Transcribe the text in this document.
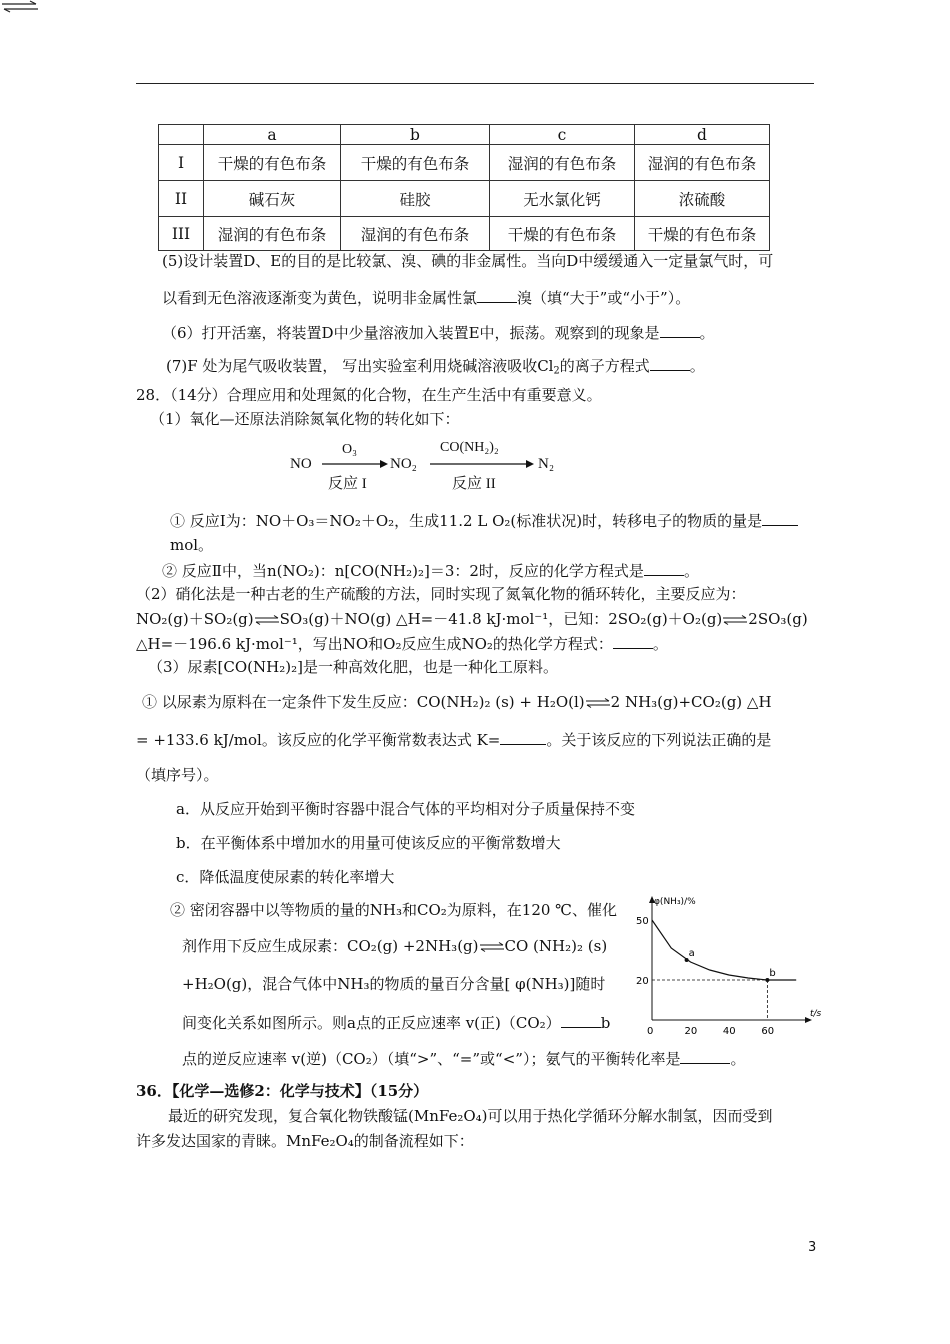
	a	b	c	d
I	干燥的有色布条	干燥的有色布条	湿润的有色布条	湿润的有色布条
II	碱石灰	硅胶	无水氯化钙	浓硫酸
III	湿润的有色布条	湿润的有色布条	干燥的有色布条	干燥的有色布条
(5)设计装置D、E的目的是比较氯、溴、碘的非金属性。当向D中缓缓通入一定量氯气时，可
以看到无色溶液逐渐变为黄色，说明非金属性氯	溴（填“大于”或“小于”）。
（6）打开活塞，将装置D中少量溶液加入装置E中，振荡。观察到的现象是	。
(7)F 处为尾气吸收装置， 写出实验室利用烧碱溶液吸收$Cl_2$的离子方程式	。
28．（14分）合理应用和处理氮的化合物，在生产生活中有重要意义。
（1）氧化—还原法消除氮氧化物的转化如下：
NO
O₃
反应 I
NO₂
CO(NH₂)₂
反应 II
N₂
① 反应Ⅰ为：NO＋O₃＝NO₂＋O₂，生成11.2 L O₂(标准状况)时，转移电子的物质的量是
mol。
② 反应Ⅱ中，当n(NO₂)：n[CO(NH₂)₂]＝3：2时，反应的化学方程式是	。
（2）硝化法是一种古老的生产硫酸的方法，同时实现了氮氧化物的循环转化，主要反应为：
NO₂(g)＋SO₂(g)⇌SO₃(g)＋NO(g) △H=－41.8 kJ·mol⁻¹，已知：2SO₂(g)＋O₂(g)⇌2SO₃(g)
△H=－196.6 kJ·mol⁻¹，写出NO和O₂反应生成NO₂的热化学方程式：	。
（3）尿素[CO(NH₂)₂]是一种高效化肥，也是一种化工原料。
① 以尿素为原料在一定条件下发生反应：CO(NH₂)₂ (s) + H₂O(l)⇌2 NH₃(g)+CO₂(g) △H
= +133.6 kJ/mol。该反应的化学平衡常数表达式 K=	。关于该反应的下列说法正确的是
（填序号）。
a．从反应开始到平衡时容器中混合气体的平均相对分子质量保持不变
b．在平衡体系中增加水的用量可使该反应的平衡常数增大
c．降低温度使尿素的转化率增大
② 密闭容器中以等物质的量的NH₃和CO₂为原料，在120 ℃、催化
剂作用下反应生成尿素：CO₂(g) +2NH₃(g)⇌CO (NH₂)₂ (s)
+H₂O(g)，混合气体中NH₃的物质的量百分含量[ φ(NH₃)]随时
间变化关系如图所示。则a点的正反应速率 v(正)（CO₂）	b
点的逆反应速率 v(逆)（CO₂）（填“>”、“=”或“<”）；氨气的平衡转化率是	。
φ(NH₃)/%
t/s
0	20	40	60
20
50
a
b
36．【化学—选修2：化学与技术】（15分）
最近的研究发现，复合氧化物铁酸锰(MnFe₂O₄)可以用于热化学循环分解水制氢，因而受到
许多发达国家的青睐。MnFe₂O₄的制备流程如下：
3
